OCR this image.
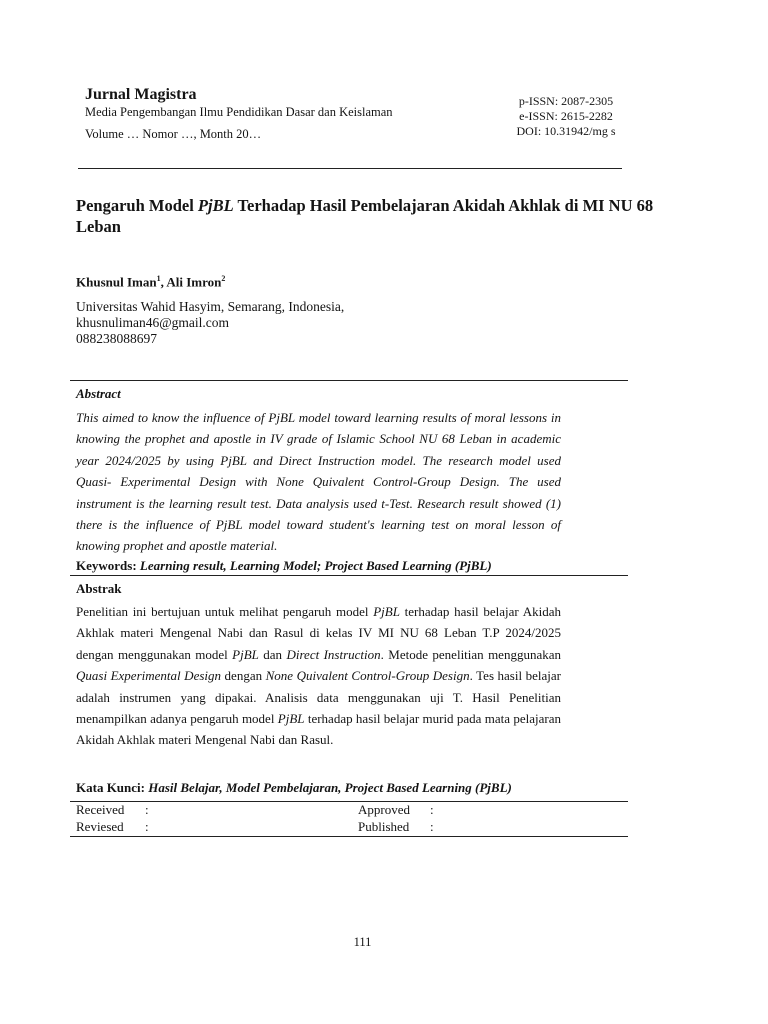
Jurnal Magistra
Media Pengembangan Ilmu Pendidikan Dasar dan Keislaman
Volume … Nomor …, Month 20…
p-ISSN: 2087-2305
e-ISSN: 2615-2282
DOI: 10.31942/mg s
Pengaruh Model PjBL Terhadap Hasil Pembelajaran Akidah Akhlak di MI NU 68 Leban
Khusnul Iman$^1$, Ali Imron$^2$
Universitas Wahid Hasyim, Semarang, Indonesia,
khusnuliman46@gmail.com
088238088697
Abstract
This aimed to know the influence of PjBL model toward learning results of moral lessons in knowing the prophet and apostle in IV grade of Islamic School NU 68 Leban in academic year 2024/2025 by using PjBL and Direct Instruction model. The research model used Quasi- Experimental Design with None Quivalent Control-Group Design. The used instrument is the learning result test. Data analysis used t-Test. Research result showed (1) there is the influence of PjBL model toward student's learning test on moral lesson of knowing prophet and apostle material.
Keywords: Learning result, Learning Model; Project Based Learning (PjBL)
Abstrak
Penelitian ini bertujuan untuk melihat pengaruh model PjBL terhadap hasil belajar Akidah Akhlak materi Mengenal Nabi dan Rasul di kelas IV MI NU 68 Leban T.P 2024/2025 dengan menggunakan model PjBL dan Direct Instruction. Metode penelitian menggunakan Quasi Experimental Design dengan None Quivalent Control-Group Design. Tes hasil belajar adalah instrumen yang dipakai. Analisis data menggunakan uji T. Hasil Penelitian menampilkan adanya pengaruh model PjBL terhadap hasil belajar murid pada mata pelajaran Akidah Akhlak materi Mengenal Nabi dan Rasul.
Kata Kunci: Hasil Belajar, Model Pembelajaran, Project Based Learning (PjBL)
Received :	Approved :
Reviesed :	Published :
111
